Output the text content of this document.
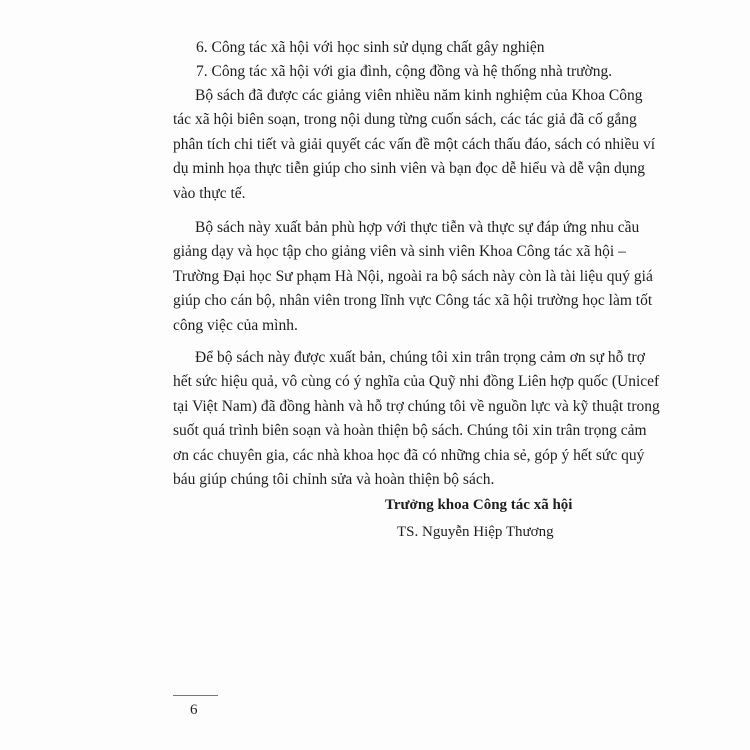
6. Công tác xã hội với học sinh sử dụng chất gây nghiện
7. Công tác xã hội với gia đình, cộng đồng và hệ thống nhà trường.

Bộ sách đã được các giảng viên nhiều năm kinh nghiệm của Khoa Công

tác xã hội biên soạn, trong nội dung từng cuốn sách, các tác giả đã cố gắng

phân tích chi tiết và giải quyết các vấn đề một cách thấu đáo, sách có nhiều ví

dụ minh họa thực tiễn giúp cho sinh viên và bạn đọc dễ hiểu và dễ vận dụng

vào thực tế.

Bộ sách này xuất bản phù hợp với thực tiễn và thực sự đáp ứng nhu cầu

giảng dạy và học tập cho giảng viên và sinh viên Khoa Công tác xã hội –

Trường Đại học Sư phạm Hà Nội, ngoài ra bộ sách này còn là tài liệu quý giá

giúp cho cán bộ, nhân viên trong lĩnh vực Công tác xã hội trường học làm tốt

công việc của mình.

Để bộ sách này được xuất bản, chúng tôi xin trân trọng cảm ơn sự hỗ trợ

hết sức hiệu quả, vô cùng có ý nghĩa của Quỹ nhi đồng Liên hợp quốc (Unicef

tại Việt Nam) đã đồng hành và hỗ trợ chúng tôi về nguồn lực và kỹ thuật trong

suốt quá trình biên soạn và hoàn thiện bộ sách. Chúng tôi xin trân trọng cảm

ơn các chuyên gia, các nhà khoa học đã có những chia sẻ, góp ý hết sức quý

báu giúp chúng tôi chỉnh sửa và hoàn thiện bộ sách.

Trưởng khoa Công tác xã hội
TS. Nguyễn Hiệp Thương
6
